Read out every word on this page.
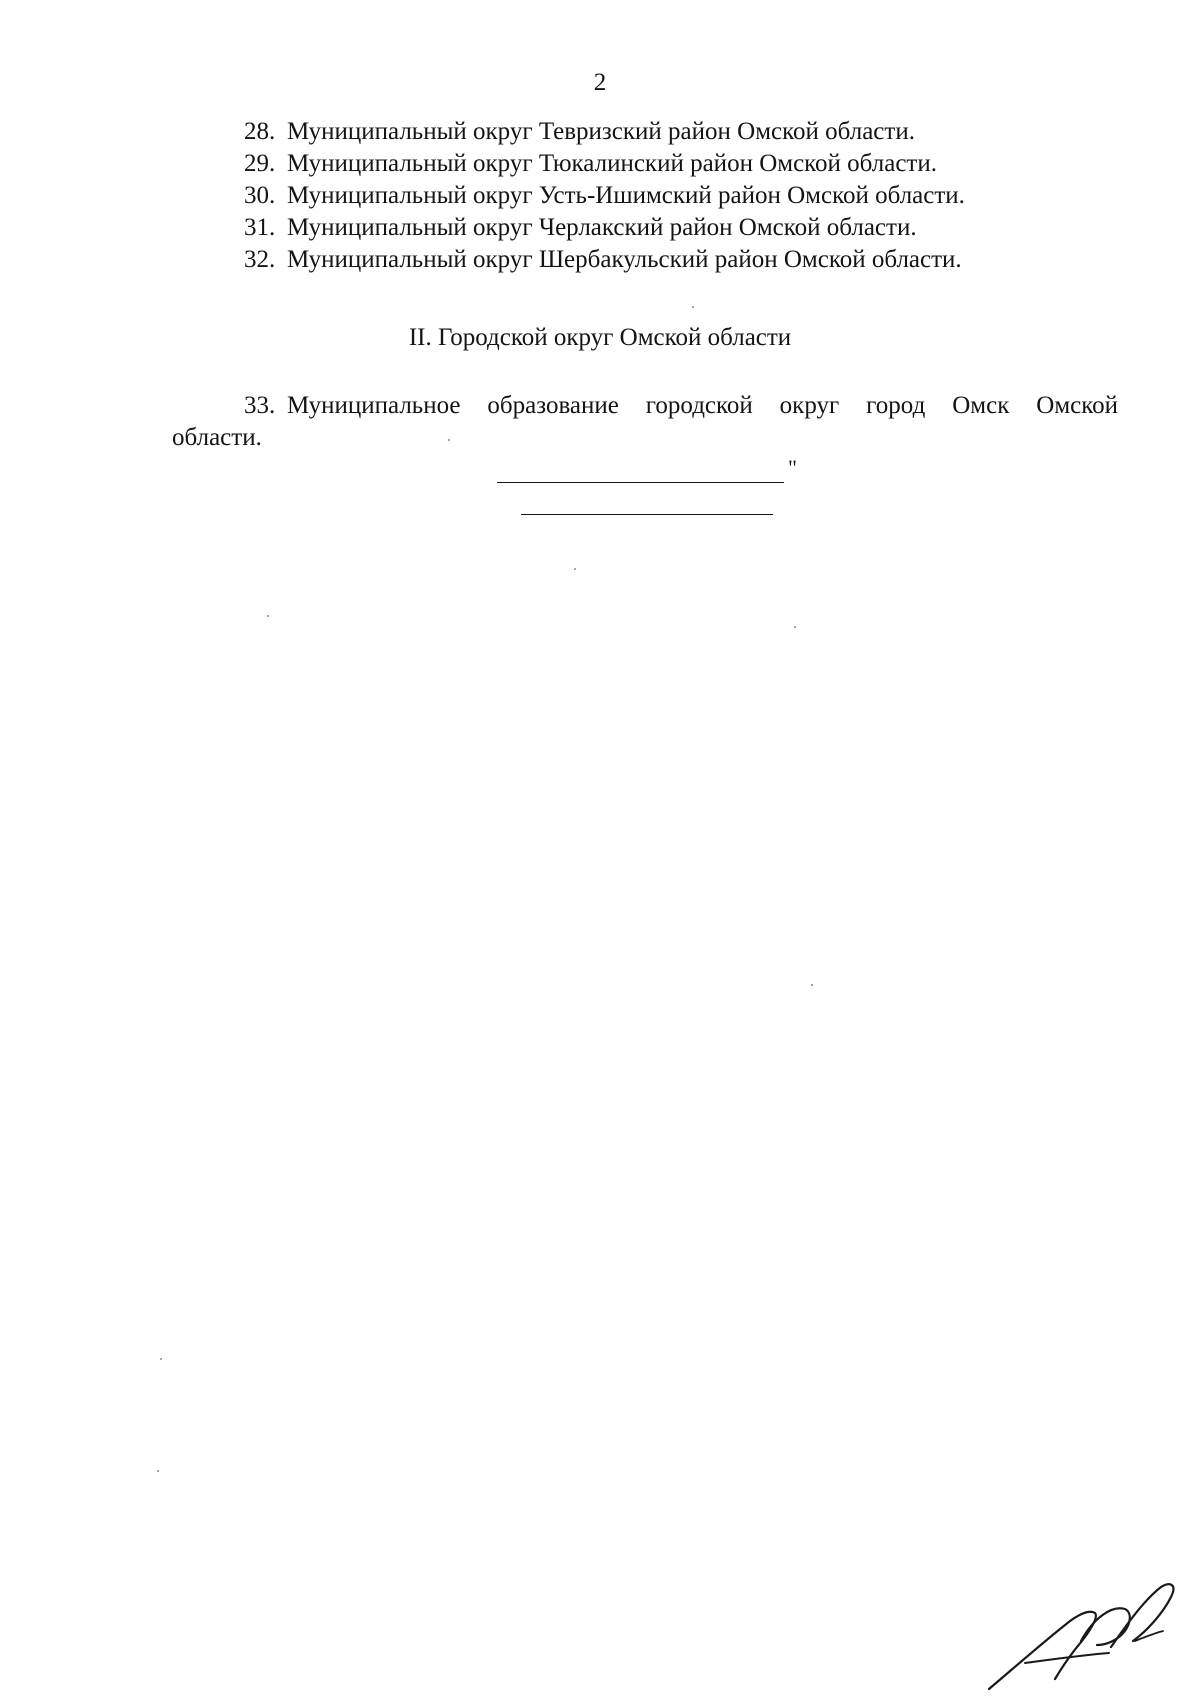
2
28. Муниципальный округ Тевризский район Омской области.
29. Муниципальный округ Тюкалинский район Омской области.
30. Муниципальный округ Усть-Ишимский район Омской области.
31. Муниципальный округ Черлакский район Омской области.
32. Муниципальный округ Шербакульский район Омской области.
II. Городской округ Омской области
33. Муниципальное образование городской округ город Омск Омской
области.
"
